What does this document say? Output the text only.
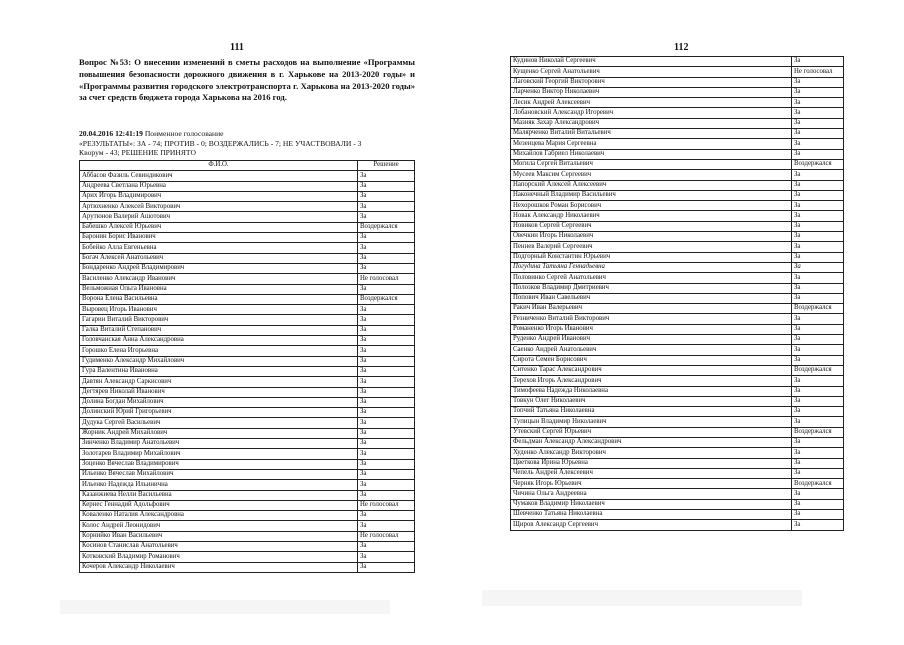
111
Вопрос №53: О внесении изменений в сметы расходов на выполнение «Программы повышения безопасности дорожного движения в г. Харькове на 2013-2020 годы» и «Программы развития городского электротранспорта г. Харькова на 2013-2020 годы» за счет средств бюджета города Харькова на 2016 год.
20.04.2016 12:41:19 Поименное голосование
«РЕЗУЛЬТАТЫ»: ЗА - 74; ПРОТИВ - 0; ВОЗДЕРЖАЛИСЬ - 7; НЕ УЧАСТВОВАЛИ - 3
Кворум - 43; РЕШЕНИЕ ПРИНЯТО
Ф.И.О.	Решение
Аббасов Фазиль Севиндикович	За
Андреева Светлана Юрьевна	За
Арих Игорь Владимирович	За
Артюхненко Алексей Викторович	За
Арутюнов Валерий Ашотович	За
Бабешко Алексей Юрьевич	Воздержался
Баронин Борис Иванович	За
Бобейко Алла Евгеньевна	За
Богач Алексей Анатольевич	За
Бондаренко Андрей Владимирович	За
Василенко Александр Иванович	Не голосовал
Вельможная Ольга Ивановна	За
Ворона Елена Васильевна	Воздержался
Выровец Игорь Иванович	За
Гагарин Виталий Викторович	За
Галка Виталий Степанович	За
Головчанская Анна Александровна	За
Горошко Елена Игорьевна	За
Гудименко Александр Михайлович	За
Гура Валентина Ивановна	За
Давтян Александр Саркисович	За
Дегтярев Николай Иванович	За
Долина Богдан Михайлович	За
Долинский Юрий Григорьевич	За
Дудука Сергей Васильевич	За
Жорник Андрей Михайлович	За
Зинченко Владимир Анатольевич	За
Золотарев Владимир Михайлович	За
Зоценко Вячеслав Владимирович	За
Ильенко Вячеслав Михайлович	За
Ильенко Надежда Ильинична	За
Казанжиева Нелли Васильевна	За
Кернес Геннадий Адольфович	Не голосовал
Коваленко Наталия Александровна	За
Колос Андрей Леонидович	За
Корнийко Иван Васильевич	Не голосовал
Косинов Станислав Анатольевич	За
Котковский Владимир Романович	За
Кочеров Александр Николаевич	За
112
Кудинов Николай Сергеевич	За
Кущенко Сергей Анатольевич	Не голосовал
Лаговский Георгий Викторович	За
Ларченко Виктор Николаевич	За
Лесик Андрей Алексеевич	За
Лобановский Александр Игоревич	За
Мазняк Захар Александрович	За
Малярченко Виталий Витальевич	За
Мезенцева Мария Сергеевна	За
Михайлов Габриел Николаевич	За
Могила Сергей Витальевич	Воздержался
Мусеев Максим Сергеевич	За
Напорский Алексей Алексеевич	За
Наконечный Владимир Васильевич	За
Нехорошков Роман Борисович	За
Новак Александр Николаевич	За
Новиков Сергей Сергеевич	За
Овечкин Игорь Николаевич	За
Пеннев Валерий Сергеевич	За
Подгорный Константин Юрьевич	За
Погудина Татьяна Геннадьевна	За
Половинко Сергей Анатольевич	За
Полозков Владимир Дмитриевич	За
Попович Иван Савельевич	За
Ракич Иван Валерьевич	Воздержался
Резниченко Виталий Викторович	За
Романенко Игорь Иванович	За
Руденко Андрей Иванович	За
Саенко Андрей Анатольевич	За
Сирота Семен Борисович	За
Ситенко Тарас Александрович	Воздержался
Терехов Игорь Александрович	За
Тимофеева Надежда Николаевна	За
Товкун Олег Николаевич	За
Топчий Татьяна Николаевна	За
Тупицын Владимир Николаевич	За
Утевский Сергей Юрьевич	Воздержался
Фельдман Александр Александрович	За
Худенко Александр Викторович	За
Цветкова Ирина Юрьевна	За
Чепель Андрей Алексеевич	За
Черняк Игорь Юрьевич	Воздержался
Чичина Ольга Андреевна	За
Чумаков Владимир Николаевич	За
Шевченко Татьяна Николаевна	За
Щиров Александр Сергеевич	За
